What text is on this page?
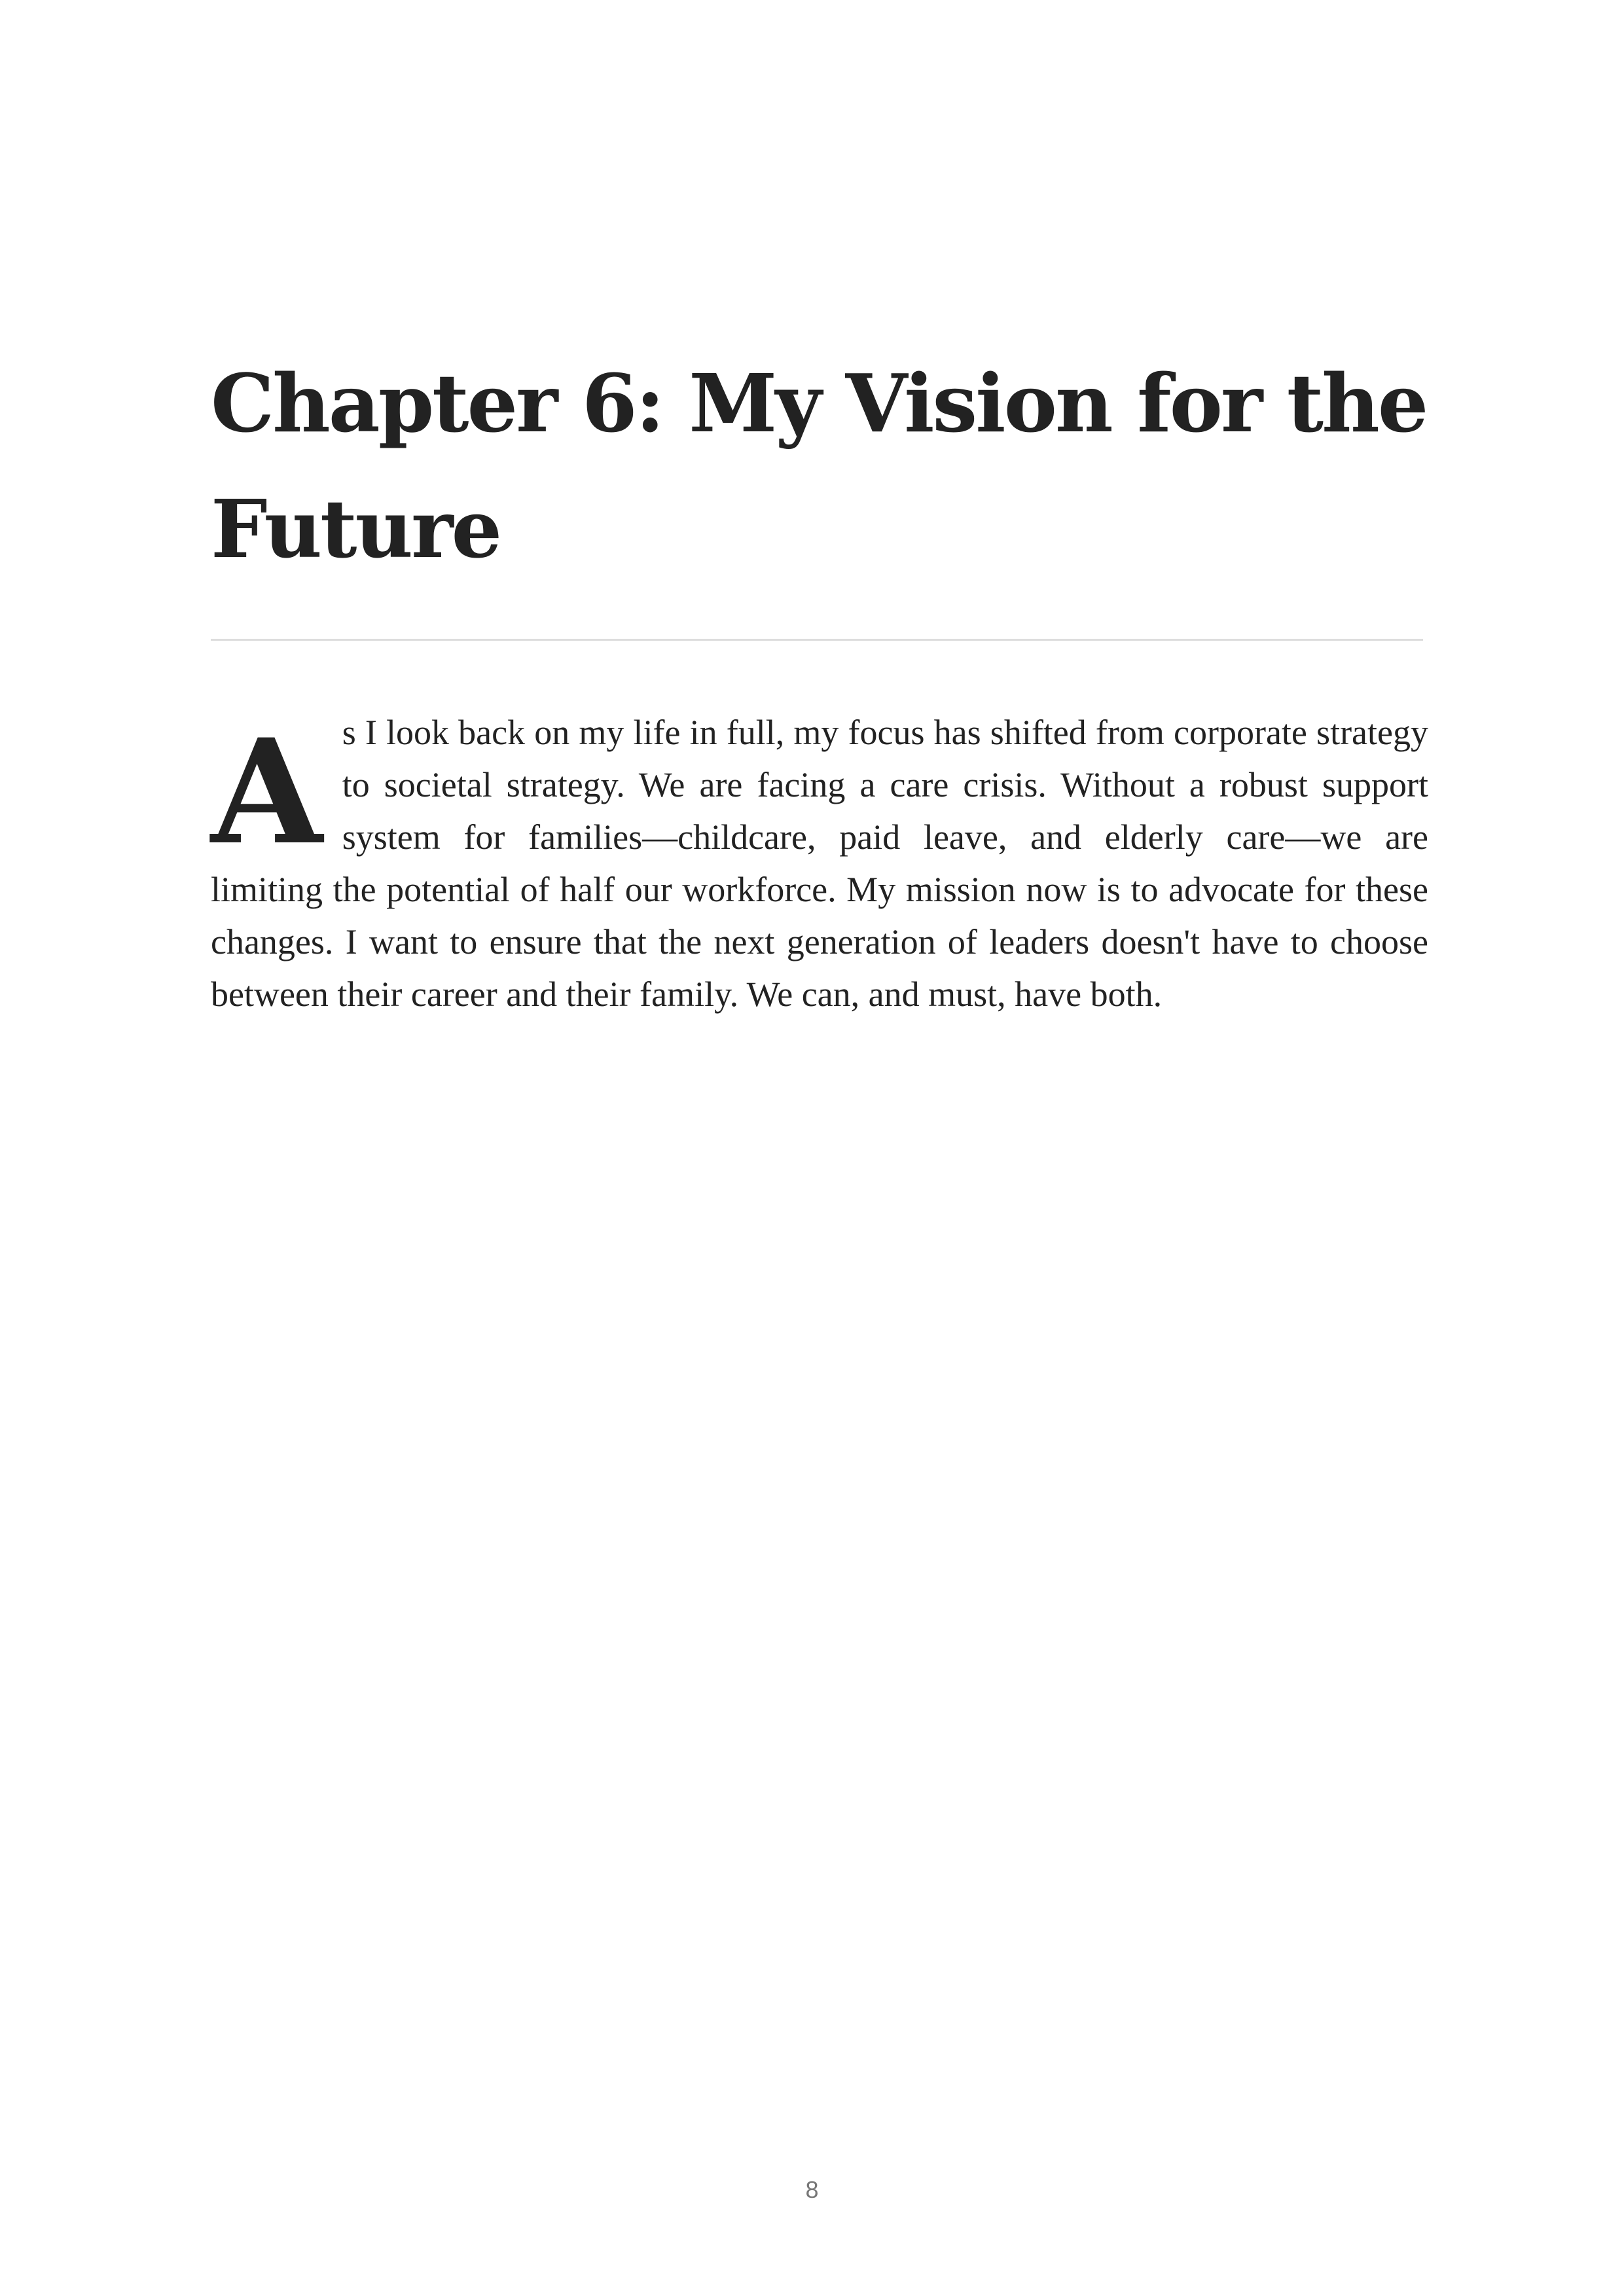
Chapter 6: My Vision for the Future

As I look back on my life in full, my focus has shifted from corporate strategy to societal strategy. We are facing a care crisis. Without a robust support system for families—childcare, paid leave, and elderly care—we are limiting the potential of half our workforce. My mission now is to advocate for these changes. I want to ensure that the next generation of leaders doesn't have to choose between their career and their family. We can, and must, have both.

8
